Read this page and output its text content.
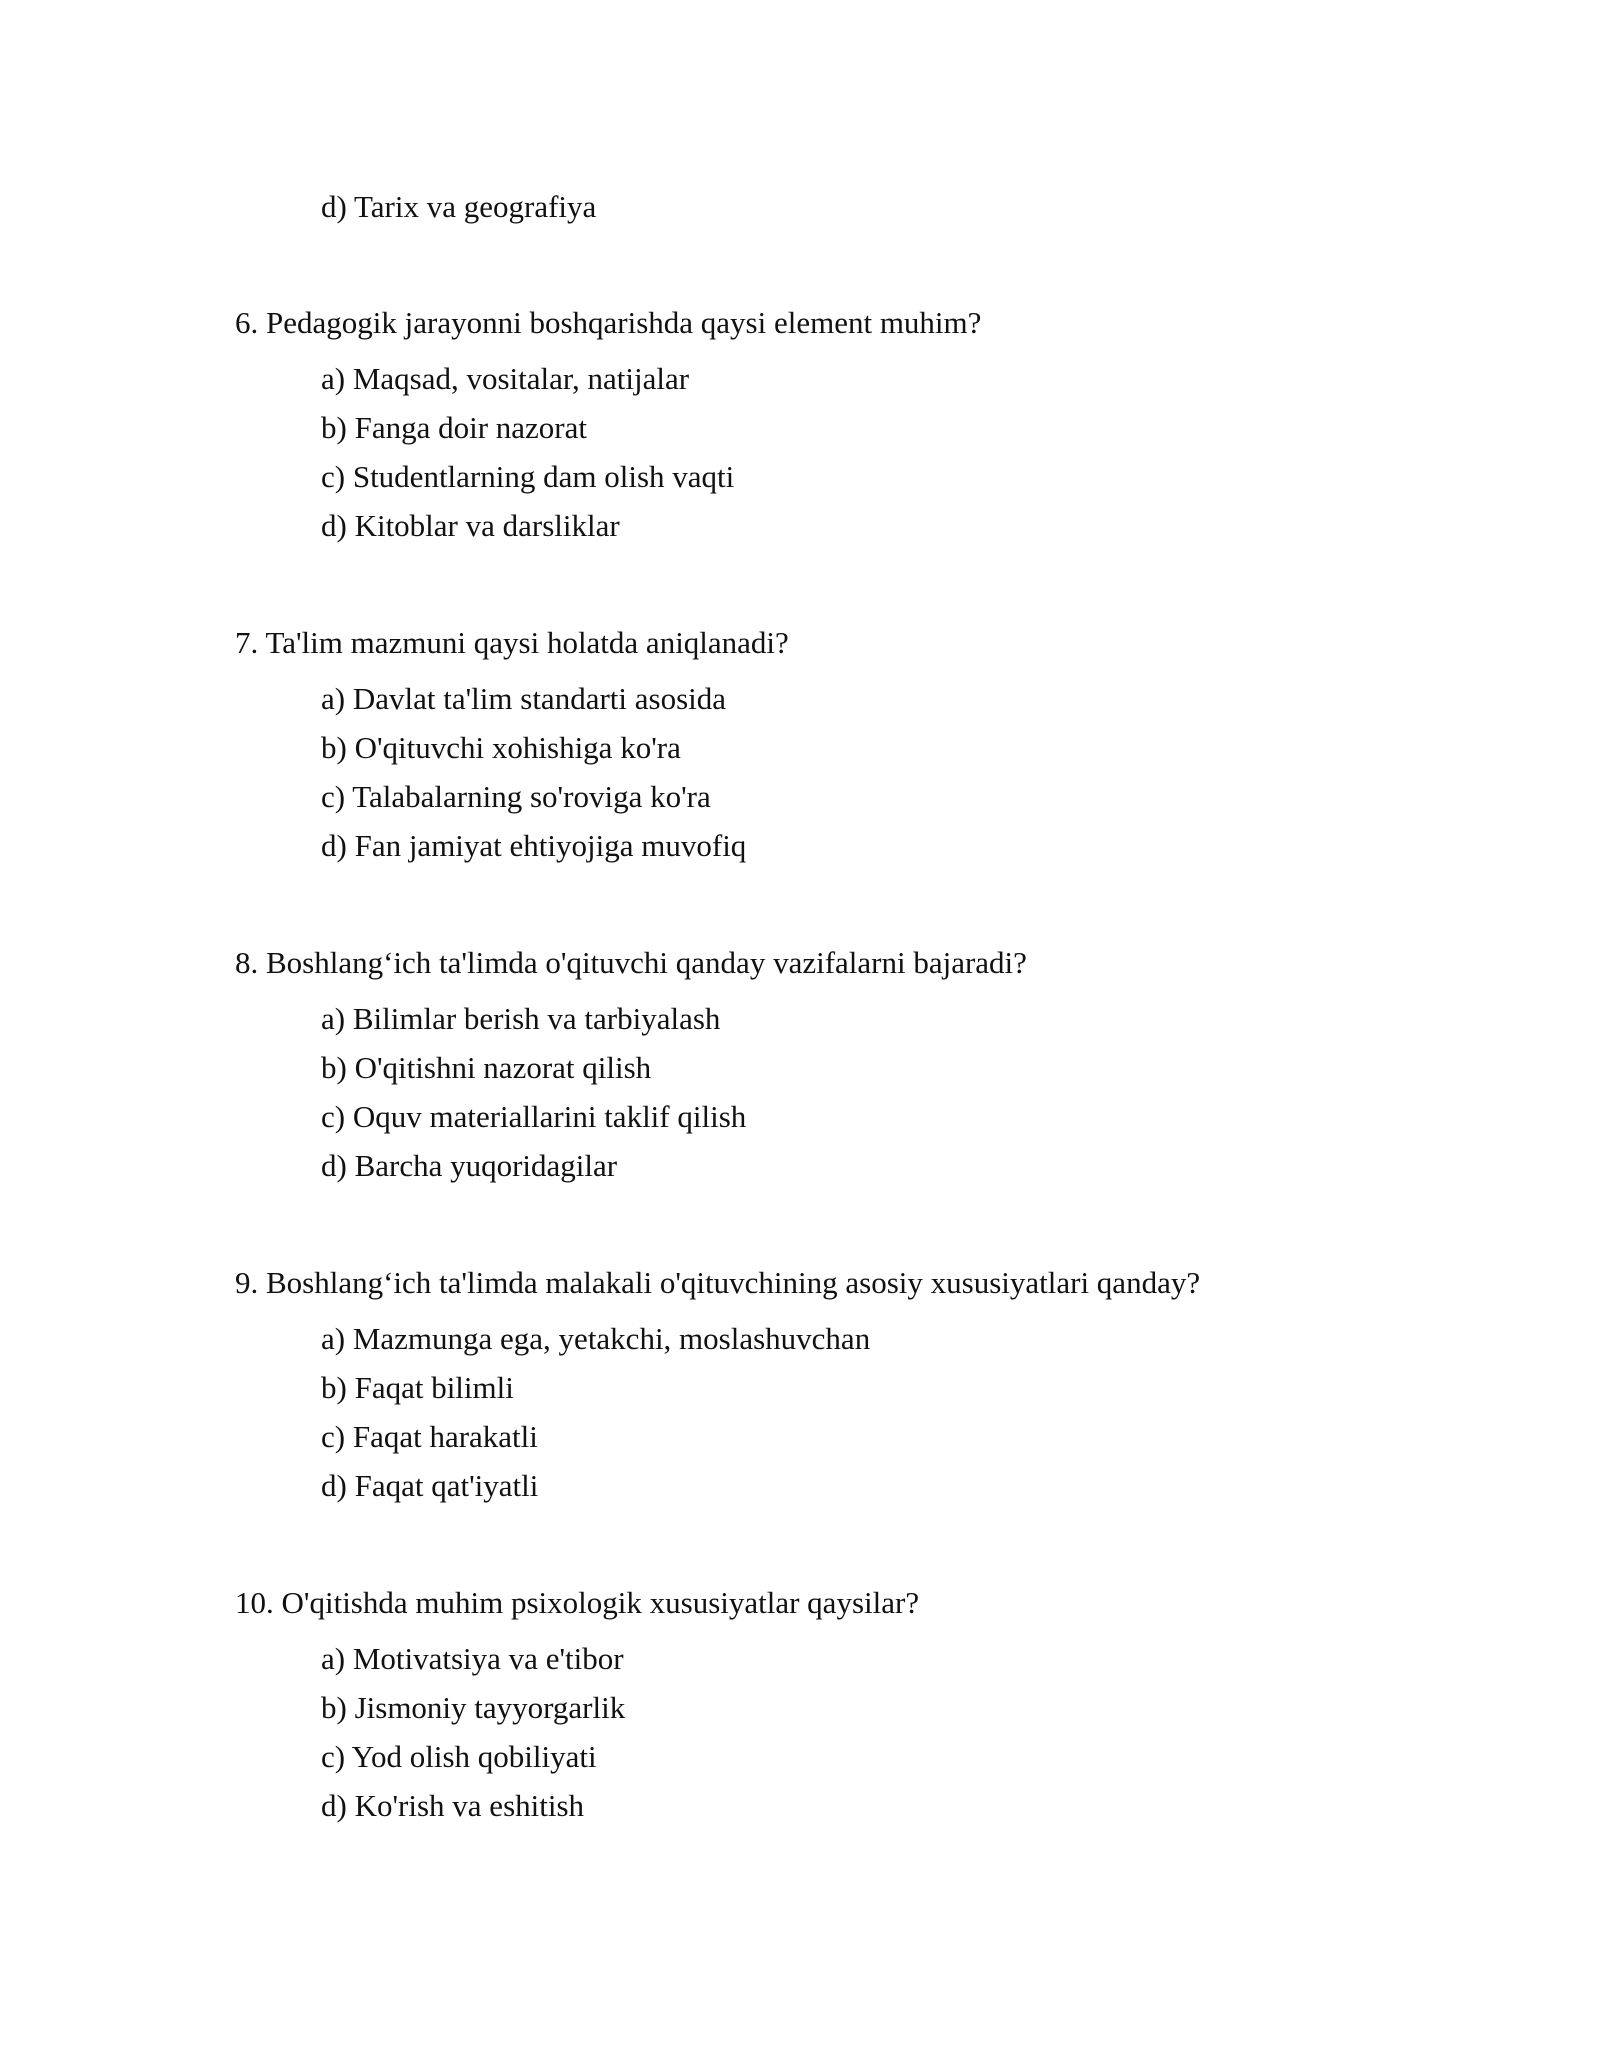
d) Tarix va geografiya
6. Pedagogik jarayonni boshqarishda qaysi element muhim?
a) Maqsad, vositalar, natijalar
b) Fanga doir nazorat
c) Studentlarning dam olish vaqti
d) Kitoblar va darsliklar
7. Ta'lim mazmuni qaysi holatda aniqlanadi?
a) Davlat ta'lim standarti asosida
b) O'qituvchi xohishiga ko'ra
c) Talabalarning so'roviga ko'ra
d) Fan jamiyat ehtiyojiga muvofiq
8. Boshlang‘ich ta'limda o'qituvchi qanday vazifalarni bajaradi?
a) Bilimlar berish va tarbiyalash
b) O'qitishni nazorat qilish
c) Oquv materiallarini taklif qilish
d) Barcha yuqoridagilar
9. Boshlang‘ich ta'limda malakali o'qituvchining asosiy xususiyatlari qanday?
a) Mazmunga ega, yetakchi, moslashuvchan
b) Faqat bilimli
c) Faqat harakatli
d) Faqat qat'iyatli
10. O'qitishda muhim psixologik xususiyatlar qaysilar?
a) Motivatsiya va e'tibor
b) Jismoniy tayyorgarlik
c) Yod olish qobiliyati
d) Ko'rish va eshitish
